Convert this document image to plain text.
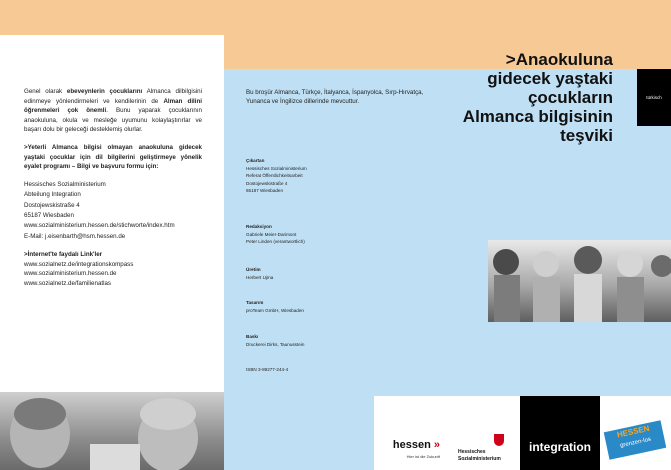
Genel olarak ebeveynlerin çocuklarını Almanca dilbilgisini edinmeye yönlendirmeleri ve kendilerinin de Alman dilini öğrenmeleri çok önemli. Bunu yaparak çocuklarının anaokuluna, okula ve mesleğe uyumunu kolaylaştırırlar ve başarı dolu bir geleceği desteklemiş olurlar.

>Yeterli Almanca bilgisi olmayan anaokuluna gidecek yaştaki çocuklar için dil bilgilerini geliştirmeye yönelik eyalet programı – Bilgi ve başvuru formu için:

Hessisches Sozialministerium
Abteilung Integration
Dostojewskistraße 4
65187 Wiesbaden
www.sozialministerium.hessen.de/stichworte/index.htm
E-Mail: j.eisenbarth@hsm.hessen.de
>İnternet'te faydalı Link'ler
www.sozialnetz.de/integrationskompass
www.sozialministerium.hessen.de
www.sozialnetz.de/familienatlas
Bu broşür Almanca, Türkçe, İtalyanca, İspanyolca, Sırp-Hırvatça, Yunanca ve İngilizce dillerinde mevcuttur.
Çıkartan
Hessisches Sozialministerium
Referat Öffentlichkeitsarbeit
Dostojewskistraße 4
65187 Wiesbaden
Redaksiyon
Gabriele Meier-Darimont
Peter Linden (verantwortlich)
Üretim
Herbert Ujma
Tasarım
proTeam GmbH, Wiesbaden
Baskı
Druckerei Dirks, Taunusstein
ISBN 3-89277-244-4
hessen »
Hier ist die Zukunft
>Anaokuluna
gidecek yaştaki
çocukların
Almanca bilgisinin
teşviki
türkisch
Hessisches
Sozialministerium
integration
HESSEN
grenzen-los
